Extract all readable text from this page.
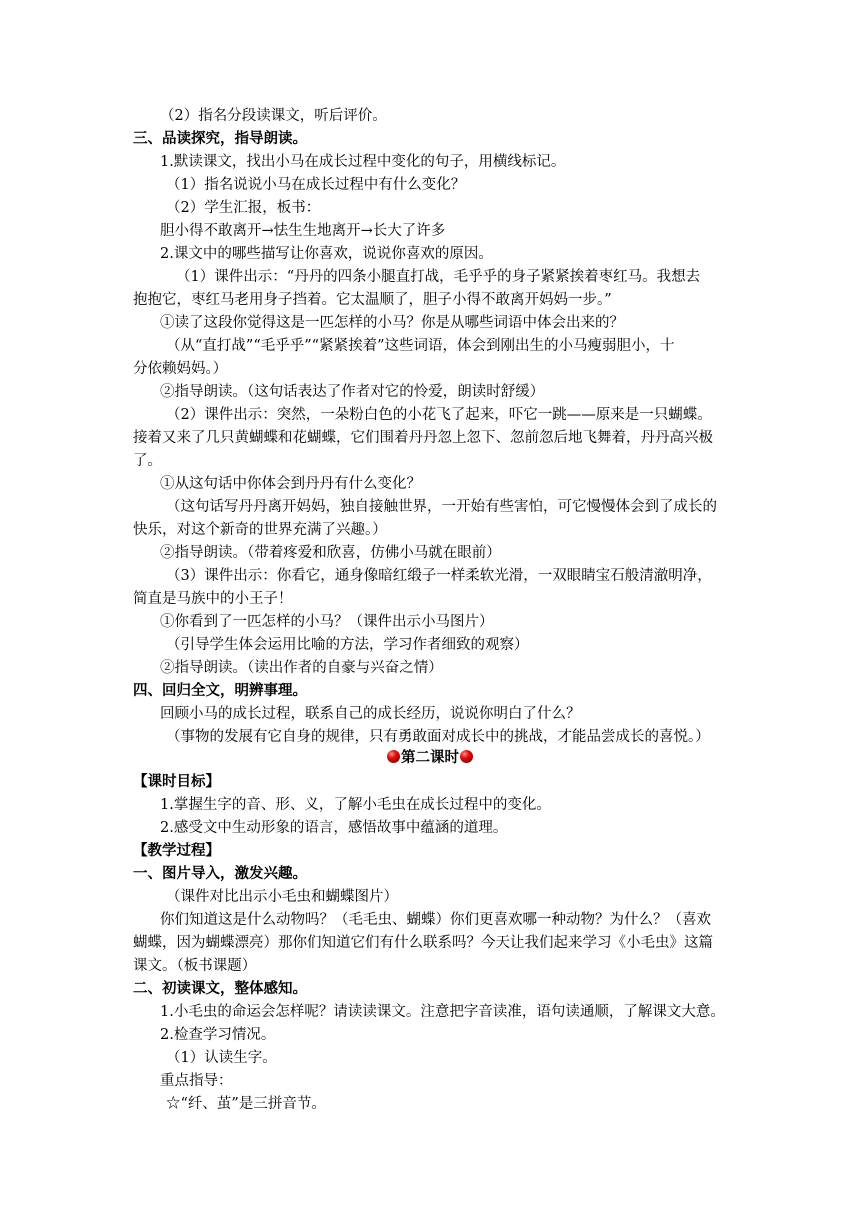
（2）指名分段读课文，听后评价。
三、品读探究，指导朗读。
1.默读课文，找出小马在成长过程中变化的句子，用横线标记。
（1）指名说说小马在成长过程中有什么变化？
（2）学生汇报，板书：
胆小得不敢离开→怯生生地离开→长大了许多
2.课文中的哪些描写让你喜欢，说说你喜欢的原因。
（1）课件出示：“丹丹的四条小腿直打战，毛乎乎的身子紧紧挨着枣红马。我想去
抱抱它，枣红马老用身子挡着。它太温顺了，胆子小得不敢离开妈妈一步。”
①读了这段你觉得这是一匹怎样的小马？你是从哪些词语中体会出来的？
（从“直打战”“毛乎乎”“紧紧挨着”这些词语，体会到刚出生的小马瘦弱胆小，十
分依赖妈妈。）
②指导朗读。（这句话表达了作者对它的怜爱，朗读时舒缓）
（2）课件出示：突然，一朵粉白色的小花飞了起来，吓它一跳——原来是一只蝴蝶。
接着又来了几只黄蝴蝶和花蝴蝶，它们围着丹丹忽上忽下、忽前忽后地飞舞着，丹丹高兴极
了。
①从这句话中你体会到丹丹有什么变化？
（这句话写丹丹离开妈妈，独自接触世界，一开始有些害怕，可它慢慢体会到了成长的
快乐，对这个新奇的世界充满了兴趣。）
②指导朗读。（带着疼爱和欣喜，仿佛小马就在眼前）
（3）课件出示：你看它，通身像暗红缎子一样柔软光滑，一双眼睛宝石般清澈明净，
简直是马族中的小王子！
①你看到了一匹怎样的小马？（课件出示小马图片）
（引导学生体会运用比喻的方法，学习作者细致的观察）
②指导朗读。（读出作者的自豪与兴奋之情）
四、回归全文，明辨事理。
回顾小马的成长过程，联系自己的成长经历，说说你明白了什么？
（事物的发展有它自身的规律，只有勇敢面对成长中的挑战，才能品尝成长的喜悦。）
第二课时
【课时目标】
1.掌握生字的音、形、义，了解小毛虫在成长过程中的变化。
2.感受文中生动形象的语言，感悟故事中蕴涵的道理。
【教学过程】
一、图片导入，激发兴趣。
（课件对比出示小毛虫和蝴蝶图片）
你们知道这是什么动物吗？（毛毛虫、蝴蝶）你们更喜欢哪一种动物？为什么？（喜欢
蝴蝶，因为蝴蝶漂亮）那你们知道它们有什么联系吗？今天让我们起来学习《小毛虫》这篇
课文。（板书课题）
二、初读课文，整体感知。
1.小毛虫的命运会怎样呢？请读读课文。注意把字音读准，语句读通顺，了解课文大意。
2.检查学习情况。
（1）认读生字。
重点指导：
☆“纤、茧”是三拼音节。
